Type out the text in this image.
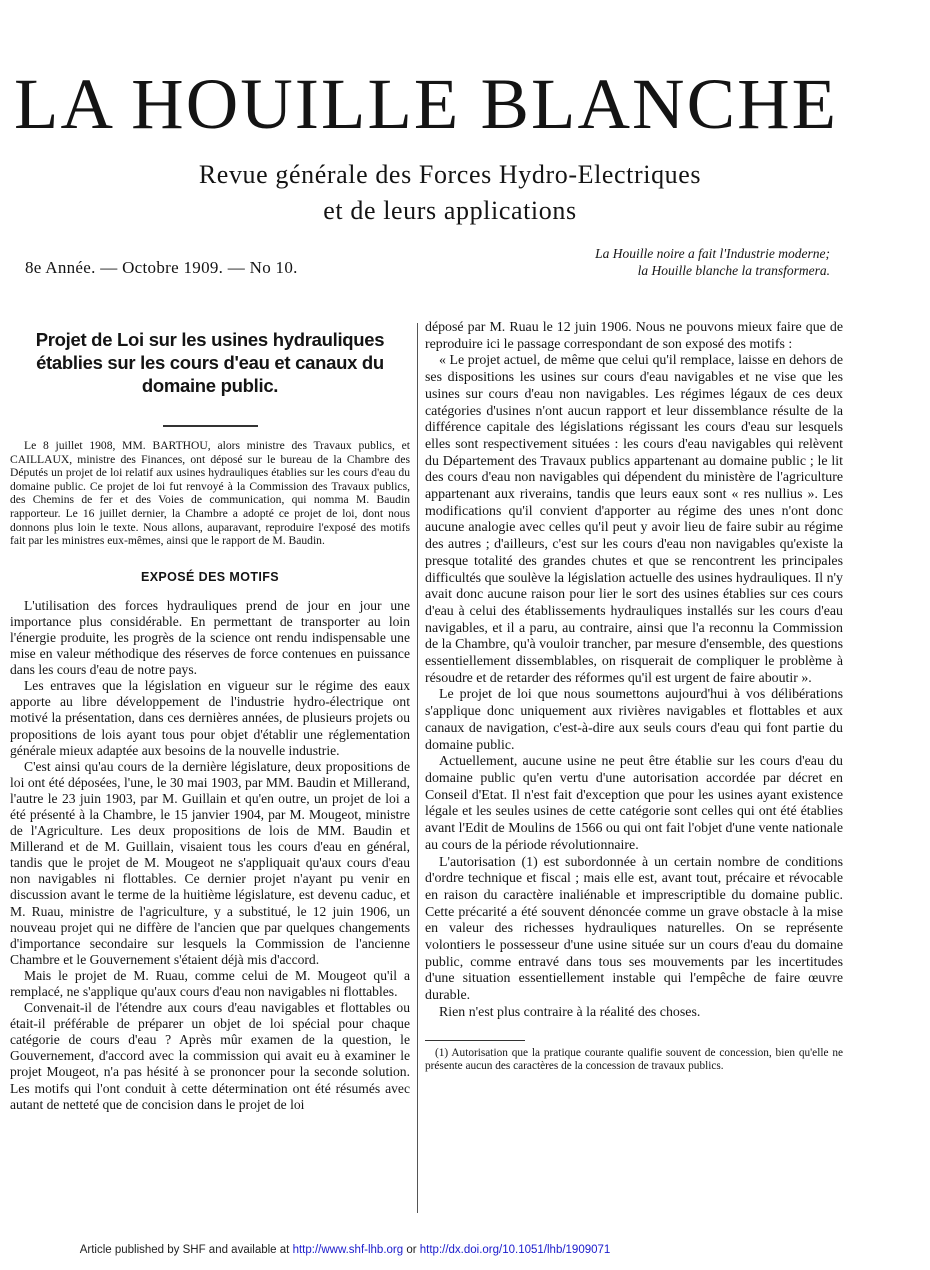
LA HOUILLE BLANCHE
Revue générale des Forces Hydro-Electriques
et de leurs applications
8e Année. — Octobre 1909. — No 10.
La Houille noire a fait l'Industrie moderne;
la Houille blanche la transformera.
Projet de Loi sur les usines hydrauliques établies sur les cours d'eau et canaux du domaine public.

Le 8 juillet 1908, MM. BARTHOU, alors ministre des Travaux publics, et CAILLAUX, ministre des Finances, ont déposé sur le bureau de la Chambre des Députés un projet de loi relatif aux usines hydrauliques établies sur les cours d'eau du domaine public. Ce projet de loi fut renvoyé à la Commission des Travaux publics, des Chemins de fer et des Voies de communication, qui nomma M. Baudin rapporteur. Le 16 juillet dernier, la Chambre a adopté ce projet de loi, dont nous donnons plus loin le texte. Nous allons, auparavant, reproduire l'exposé des motifs fait par les ministres eux-mêmes, ainsi que le rapport de M. Baudin.

EXPOSÉ DES MOTIFS

L'utilisation des forces hydrauliques prend de jour en jour une importance plus considérable. En permettant de transporter au loin l'énergie produite, les progrès de la science ont rendu indispensable une mise en valeur méthodique des réserves de force contenues en puissance dans les cours d'eau de notre pays.

Les entraves que la législation en vigueur sur le régime des eaux apporte au libre développement de l'industrie hydro-électrique ont motivé la présentation, dans ces dernières années, de plusieurs projets ou propositions de lois ayant tous pour objet d'établir une réglementation générale mieux adaptée aux besoins de la nouvelle industrie.

C'est ainsi qu'au cours de la dernière législature, deux propositions de loi ont été déposées, l'une, le 30 mai 1903, par MM. Baudin et Millerand, l'autre le 23 juin 1903, par M. Guillain et qu'en outre, un projet de loi a été présenté à la Chambre, le 15 janvier 1904, par M. Mougeot, ministre de l'Agriculture. Les deux propositions de lois de MM. Baudin et Millerand et de M. Guillain, visaient tous les cours d'eau en général, tandis que le projet de M. Mougeot ne s'appliquait qu'aux cours d'eau non navigables ni flottables. Ce dernier projet n'ayant pu venir en discussion avant le terme de la huitième législature, est devenu caduc, et M. Ruau, ministre de l'agriculture, y a substitué, le 12 juin 1906, un nouveau projet qui ne diffère de l'ancien que par quelques changements d'importance secondaire sur lesquels la Commission de l'ancienne Chambre et le Gouvernement s'étaient déjà mis d'accord.

Mais le projet de M. Ruau, comme celui de M. Mougeot qu'il a remplacé, ne s'applique qu'aux cours d'eau non navigables ni flottables.

Convenait-il de l'étendre aux cours d'eau navigables et flottables ou était-il préférable de préparer un objet de loi spécial pour chaque catégorie de cours d'eau ? Après mûr examen de la question, le Gouvernement, d'accord avec la commission qui avait eu à examiner le projet Mougeot, n'a pas hésité à se prononcer pour la seconde solution. Les motifs qui l'ont conduit à cette détermination ont été résumés avec autant de netteté que de concision dans le projet de loi

déposé par M. Ruau le 12 juin 1906. Nous ne pouvons mieux faire que de reproduire ici le passage correspondant de son exposé des motifs :

« Le projet actuel, de même que celui qu'il remplace, laisse en dehors de ses dispositions les usines sur cours d'eau navigables et ne vise que les usines sur cours d'eau non navigables. Les régimes légaux de ces deux catégories d'usines n'ont aucun rapport et leur dissemblance résulte de la différence capitale des législations régissant les cours d'eau sur lesquels elles sont respectivement situées : les cours d'eau navigables qui relèvent du Département des Travaux publics appartenant au domaine public ; le lit des cours d'eau non navigables qui dépendent du ministère de l'agriculture appartenant aux riverains, tandis que leurs eaux sont « res nullius ». Les modifications qu'il convient d'apporter au régime des unes n'ont donc aucune analogie avec celles qu'il peut y avoir lieu de faire subir au régime des autres ; d'ailleurs, c'est sur les cours d'eau non navigables qu'existe la presque totalité des grandes chutes et que se rencontrent les principales difficultés que soulève la législation actuelle des usines hydrauliques. Il n'y avait donc aucune raison pour lier le sort des usines établies sur ces cours d'eau à celui des établissements hydrauliques installés sur les cours d'eau navigables, et il a paru, au contraire, ainsi que l'a reconnu la Commission de la Chambre, qu'à vouloir trancher, par mesure d'ensemble, des questions essentiellement dissemblables, on risquerait de compliquer le problème à résoudre et de retarder des réformes qu'il est urgent de faire aboutir ».

Le projet de loi que nous soumettons aujourd'hui à vos délibérations s'applique donc uniquement aux rivières navigables et flottables et aux canaux de navigation, c'est-à-dire aux seuls cours d'eau qui font partie du domaine public.

Actuellement, aucune usine ne peut être établie sur les cours d'eau du domaine public qu'en vertu d'une autorisation accordée par décret en Conseil d'Etat. Il n'est fait d'exception que pour les usines ayant existence légale et les seules usines de cette catégorie sont celles qui ont été établies avant l'Edit de Moulins de 1566 ou qui ont fait l'objet d'une vente nationale au cours de la période révolutionnaire.

L'autorisation (1) est subordonnée à un certain nombre de conditions d'ordre technique et fiscal ; mais elle est, avant tout, précaire et révocable en raison du caractère inaliénable et imprescriptible du domaine public. Cette précarité a été souvent dénoncée comme un grave obstacle à la mise en valeur des richesses hydrauliques naturelles. On se représente volontiers le possesseur d'une usine située sur un cours d'eau du domaine public, comme entravé dans tous ses mouvements par les incertitudes d'une situation essentiellement instable qui l'empêche de faire œuvre durable.

Rien n'est plus contraire à la réalité des choses.

(1) Autorisation que la pratique courante qualifie souvent de concession, bien qu'elle ne présente aucun des caractères de la concession de travaux publics.

Article published by SHF and available at http://www.shf-lhb.org or http://dx.doi.org/10.1051/lhb/1909071
